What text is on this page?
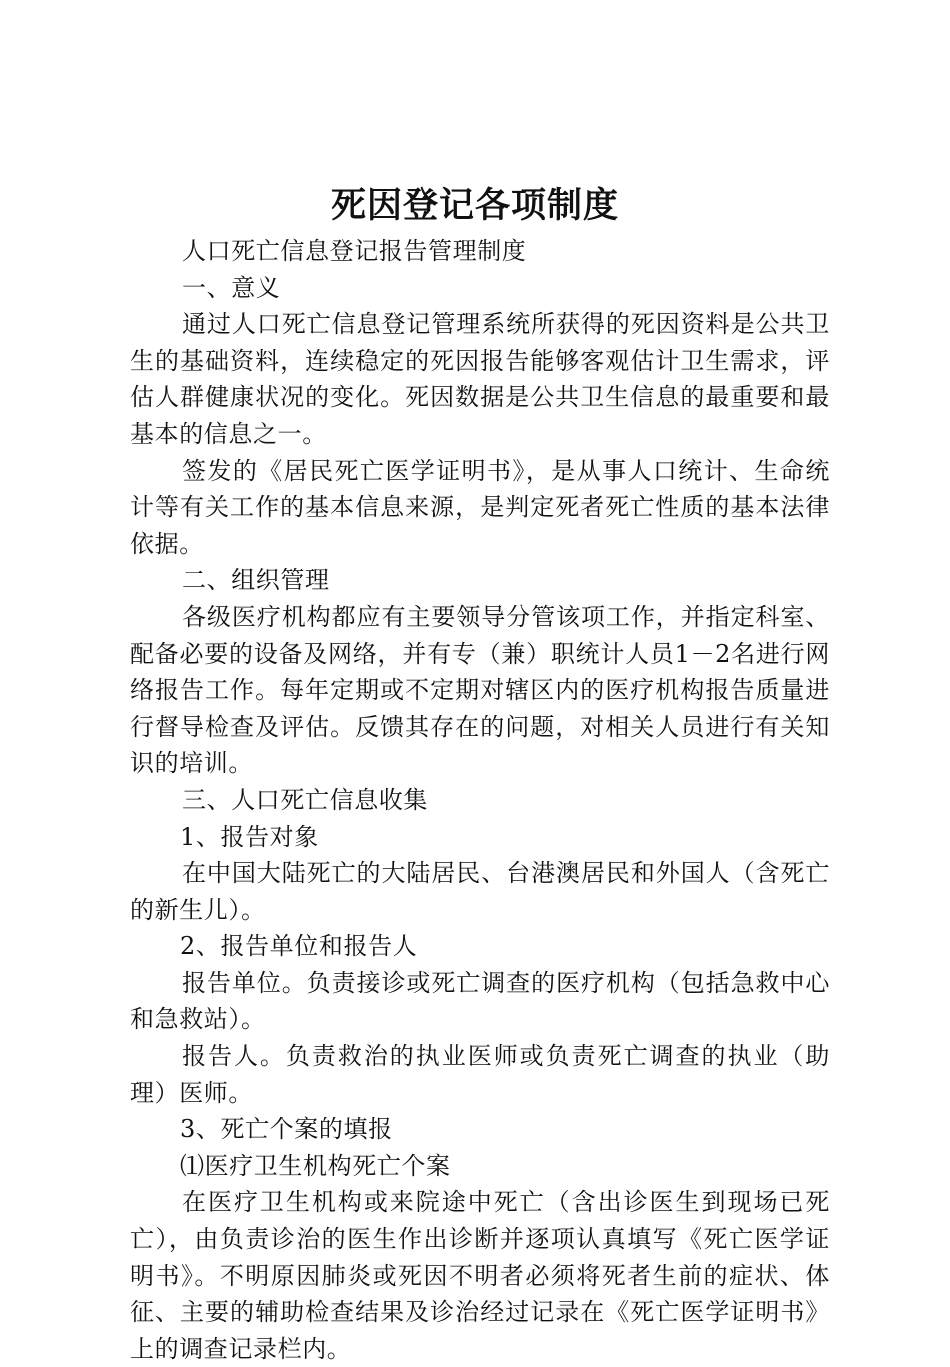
死因登记各项制度

人口死亡信息登记报告管理制度

一、意义

通过人口死亡信息登记管理系统所获得的死因资料是公共卫生的基础资料，连续稳定的死因报告能够客观估计卫生需求，评估人群健康状况的变化。死因数据是公共卫生信息的最重要和最基本的信息之一。

签发的《居民死亡医学证明书》，是从事人口统计、生命统计等有关工作的基本信息来源，是判定死者死亡性质的基本法律依据。

二、组织管理

各级医疗机构都应有主要领导分管该项工作，并指定科室、配备必要的设备及网络，并有专（兼）职统计人员1－2名进行网络报告工作。每年定期或不定期对辖区内的医疗机构报告质量进行督导检查及评估。反馈其存在的问题，对相关人员进行有关知识的培训。

三、人口死亡信息收集

1、报告对象

在中国大陆死亡的大陆居民、台港澳居民和外国人（含死亡的新生儿）。

2、报告单位和报告人

报告单位。负责接诊或死亡调查的医疗机构（包括急救中心和急救站）。

报告人。负责救治的执业医师或负责死亡调查的执业（助理）医师。

3、死亡个案的填报

⑴医疗卫生机构死亡个案

在医疗卫生机构或来院途中死亡（含出诊医生到现场已死亡），由负责诊治的医生作出诊断并逐项认真填写《死亡医学证明书》。不明原因肺炎或死因不明者必须将死者生前的症状、体征、主要的辅助检查结果及诊治经过记录在《死亡医学证明书》上的调查记录栏内。
